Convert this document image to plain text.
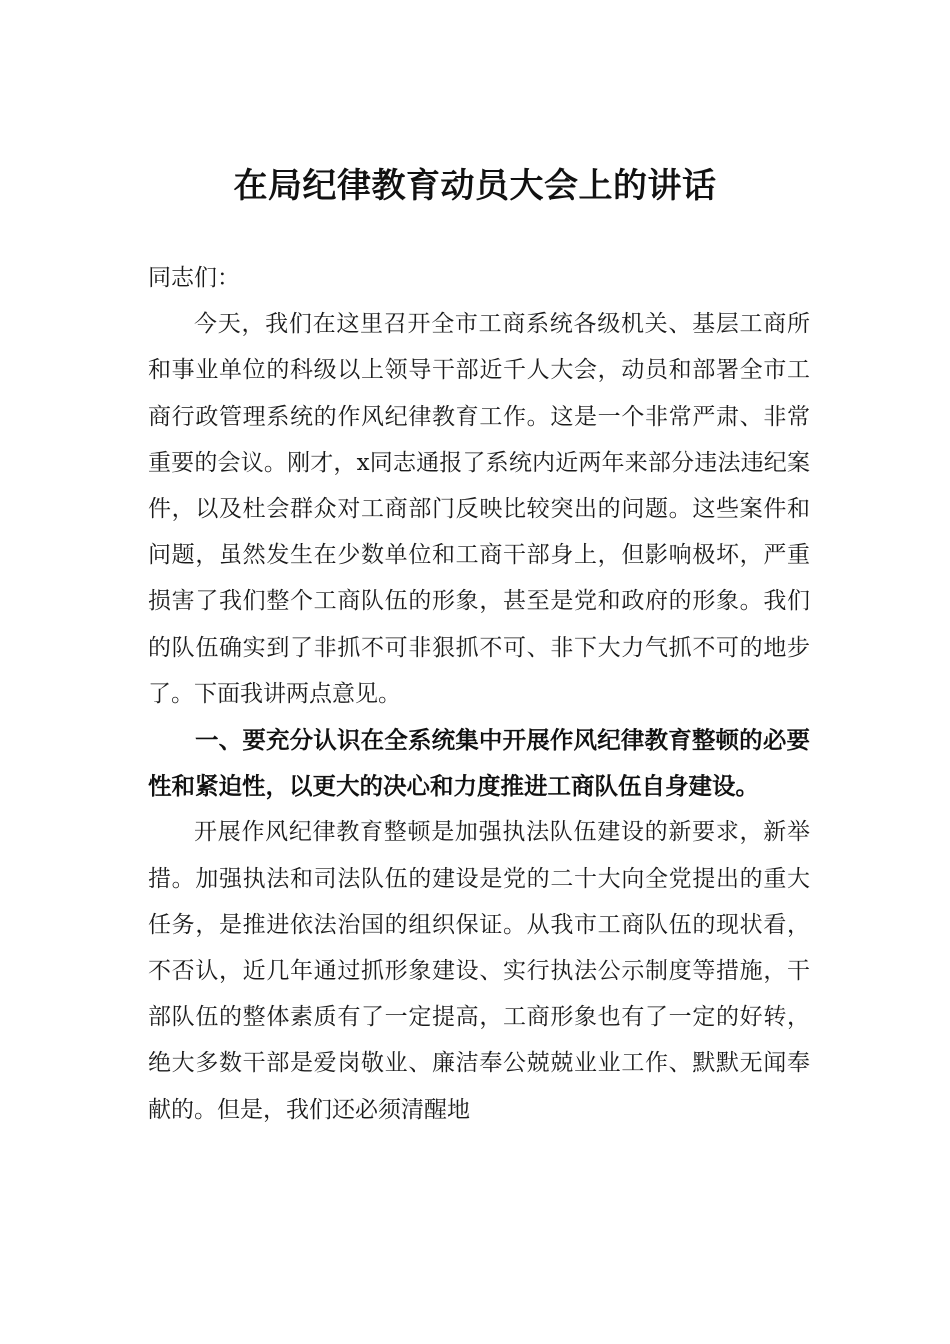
在局纪律教育动员大会上的讲话

同志们：

今天，我们在这里召开全市工商系统各级机关、基层工商所和事业单位的科级以上领导干部近千人大会，动员和部署全市工商行政管理系统的作风纪律教育工作。这是一个非常严肃、非常重要的会议。刚才，x同志通报了系统内近两年来部分违法违纪案件，以及杜会群众对工商部门反映比较突出的问题。这些案件和问题，虽然发生在少数单位和工商干部身上，但影响极坏，严重损害了我们整个工商队伍的形象，甚至是党和政府的形象。我们的队伍确实到了非抓不可非狠抓不可、非下大力气抓不可的地步了。下面我讲两点意见。

一、要充分认识在全系统集中开展作风纪律教育整顿的必要性和紧迫性，以更大的决心和力度推进工商队伍自身建设。

开展作风纪律教育整顿是加强执法队伍建设的新要求，新举措。加强执法和司法队伍的建设是党的二十大向全党提出的重大任务，是推进依法治国的组织保证。从我市工商队伍的现状看，不否认，近几年通过抓形象建设、实行执法公示制度等措施，干部队伍的整体素质有了一定提高，工商形象也有了一定的好转，绝大多数干部是爱岗敬业、廉洁奉公兢兢业业工作、默默无闻奉献的。但是，我们还必须清醒地
